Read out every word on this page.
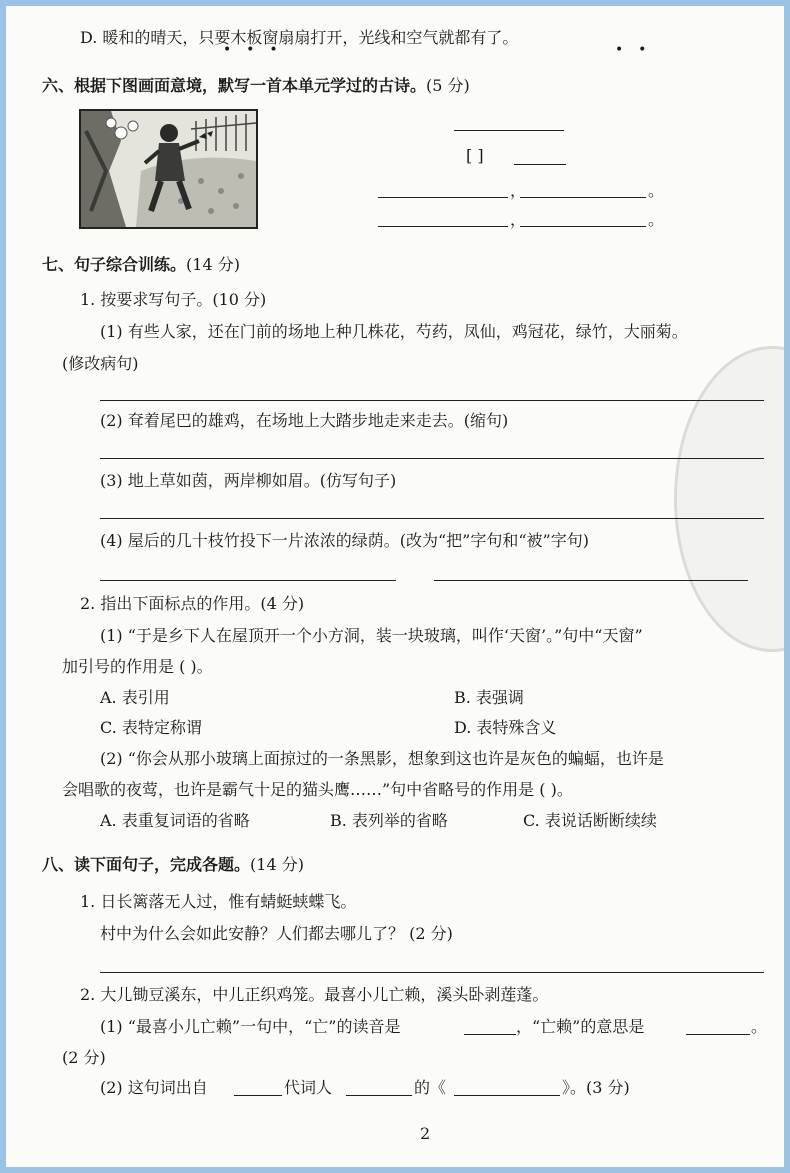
D. 暖和的晴天，只要木板窗扇扇打开，光线和空气就都有了。
•  •  •                                                    •  •
六、根据下图画面意境，默写一首本单元学过的古诗。(5 分)
[ ]
，	。
，	。
七、句子综合训练。(14 分)
1. 按要求写句子。(10 分)
(1) 有些人家，还在门前的场地上种几株花，芍药，凤仙，鸡冠花，绿竹，大丽菊。
(修改病句)
(2) 耷着尾巴的雄鸡，在场地上大踏步地走来走去。(缩句)
(3) 地上草如茵，两岸柳如眉。(仿写句子)
(4) 屋后的几十枝竹投下一片浓浓的绿荫。(改为“把”字句和“被”字句)
2. 指出下面标点的作用。(4 分)
(1) “于是乡下人在屋顶开一个小方洞，装一块玻璃，叫作‘天窗’。”句中“天窗”
加引号的作用是 ( )。
A. 表引用	B. 表强调
C. 表特定称谓	D. 表特殊含义
(2) “你会从那小玻璃上面掠过的一条黑影，想象到这也许是灰色的蝙蝠，也许是
会唱歌的夜莺，也许是霸气十足的猫头鹰……”句中省略号的作用是 ( )。
A. 表重复词语的省略	B. 表列举的省略	C. 表说话断断续续
八、读下面句子，完成各题。(14 分)
1. 日长篱落无人过，惟有蜻蜓蛱蝶飞。
村中为什么会如此安静？人们都去哪儿了？ (2 分)
2. 大儿锄豆溪东，中儿正织鸡笼。最喜小儿亡赖，溪头卧剥莲蓬。
(1) “最喜小儿亡赖”一句中，“亡”的读音是	，“亡赖”的意思是	。
(2 分)
(2) 这句词出自	代词人	的《	》。(3 分)
2
